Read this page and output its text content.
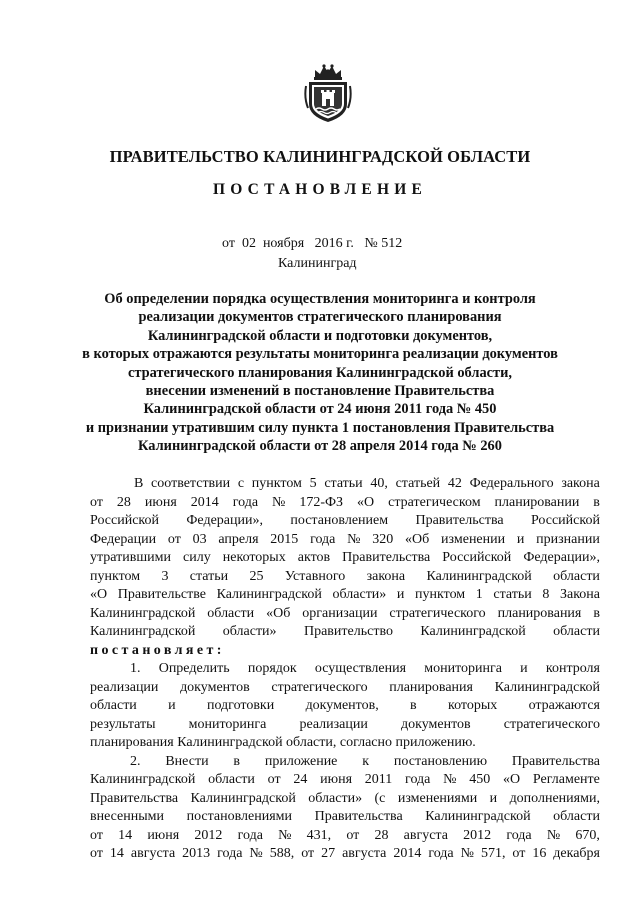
ПРАВИТЕЛЬСТВО КАЛИНИНГРАДСКОЙ ОБЛАСТИ
ПОСТАНОВЛЕНИЕ
от 02 ноября 2016 г. № 512
Калининград
Об определении порядка осуществления мониторинга и контроля
реализации документов стратегического планирования
Калининградской области и подготовки документов,
в которых отражаются результаты мониторинга реализации документов
стратегического планирования Калининградской области,
внесении изменений в постановление Правительства
Калининградской области от 24 июня 2011 года № 450
и признании утратившим силу пункта 1 постановления Правительства
Калининградской области от 28 апреля 2014 года № 260
В соответствии с пунктом 5 статьи 40, статьей 42 Федерального закона
от 28 июня 2014 года № 172-ФЗ «О стратегическом планировании в
Российской Федерации», постановлением Правительства Российской
Федерации от 03 апреля 2015 года № 320 «Об изменении и признании
утратившими силу некоторых актов Правительства Российской Федерации»,
пунктом 3 статьи 25 Уставного закона Калининградской области
«О Правительстве Калининградской области» и пунктом 1 статьи 8 Закона
Калининградской области «Об организации стратегического планирования в
Калининградской области» Правительство Калининградской области
постановляет:
1. Определить порядок осуществления мониторинга и контроля
реализации документов стратегического планирования Калининградской
области и подготовки документов, в которых отражаются
результаты мониторинга реализации документов стратегического
планирования Калининградской области, согласно приложению.
2. Внести в приложение к постановлению Правительства
Калининградской области от 24 июня 2011 года № 450 «О Регламенте
Правительства Калининградской области» (с изменениями и дополнениями,
внесенными постановлениями Правительства Калининградской области
от 14 июня 2012 года № 431, от 28 августа 2012 года № 670,
от 14 августа 2013 года № 588, от 27 августа 2014 года № 571, от 16 декабря
